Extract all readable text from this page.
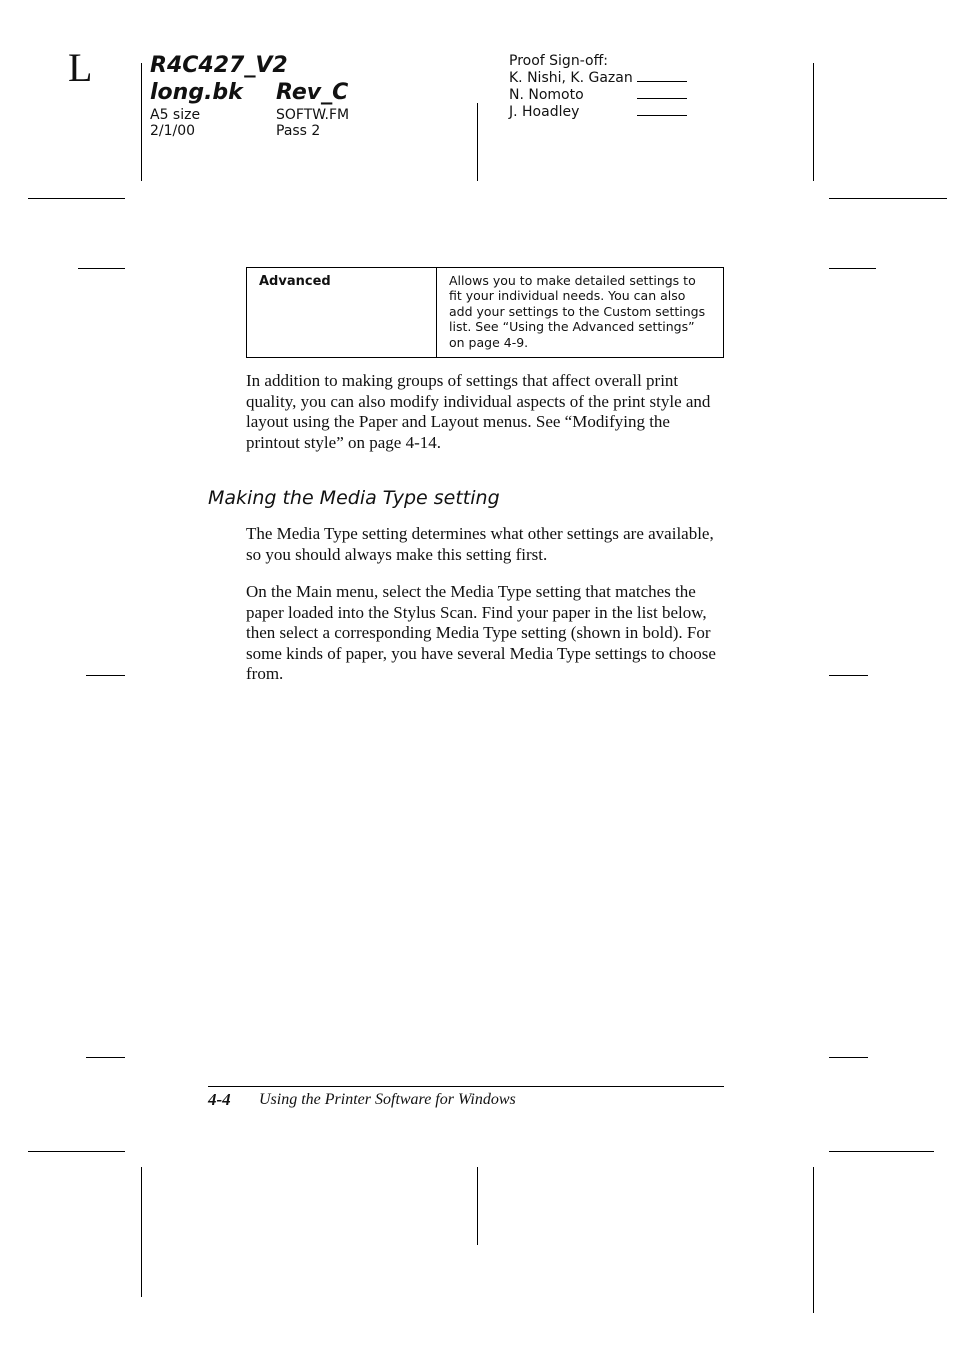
L	R4C427_V2
long.bk Rev_C
A5 size
2/1/00
SOFTW.FM
Pass 2
Proof Sign-off:
K. Nishi, K. Gazan
N. Nomoto
J. Hoadley
Advanced	Allows you to make detailed settings to fit your individual needs. You can also add your settings to the Custom settings list. See “Using the Advanced settings” on page 4-9.
In addition to making groups of settings that affect overall print quality, you can also modify individual aspects of the print style and layout using the Paper and Layout menus. See “Modifying the printout style” on page 4-14.
Making the Media Type setting
The Media Type setting determines what other settings are available, so you should always make this setting first.
On the Main menu, select the Media Type setting that matches the paper loaded into the Stylus Scan. Find your paper in the list below, then select a corresponding Media Type setting (shown in bold). For some kinds of paper, you have several Media Type settings to choose from.
4-4 Using the Printer Software for Windows
